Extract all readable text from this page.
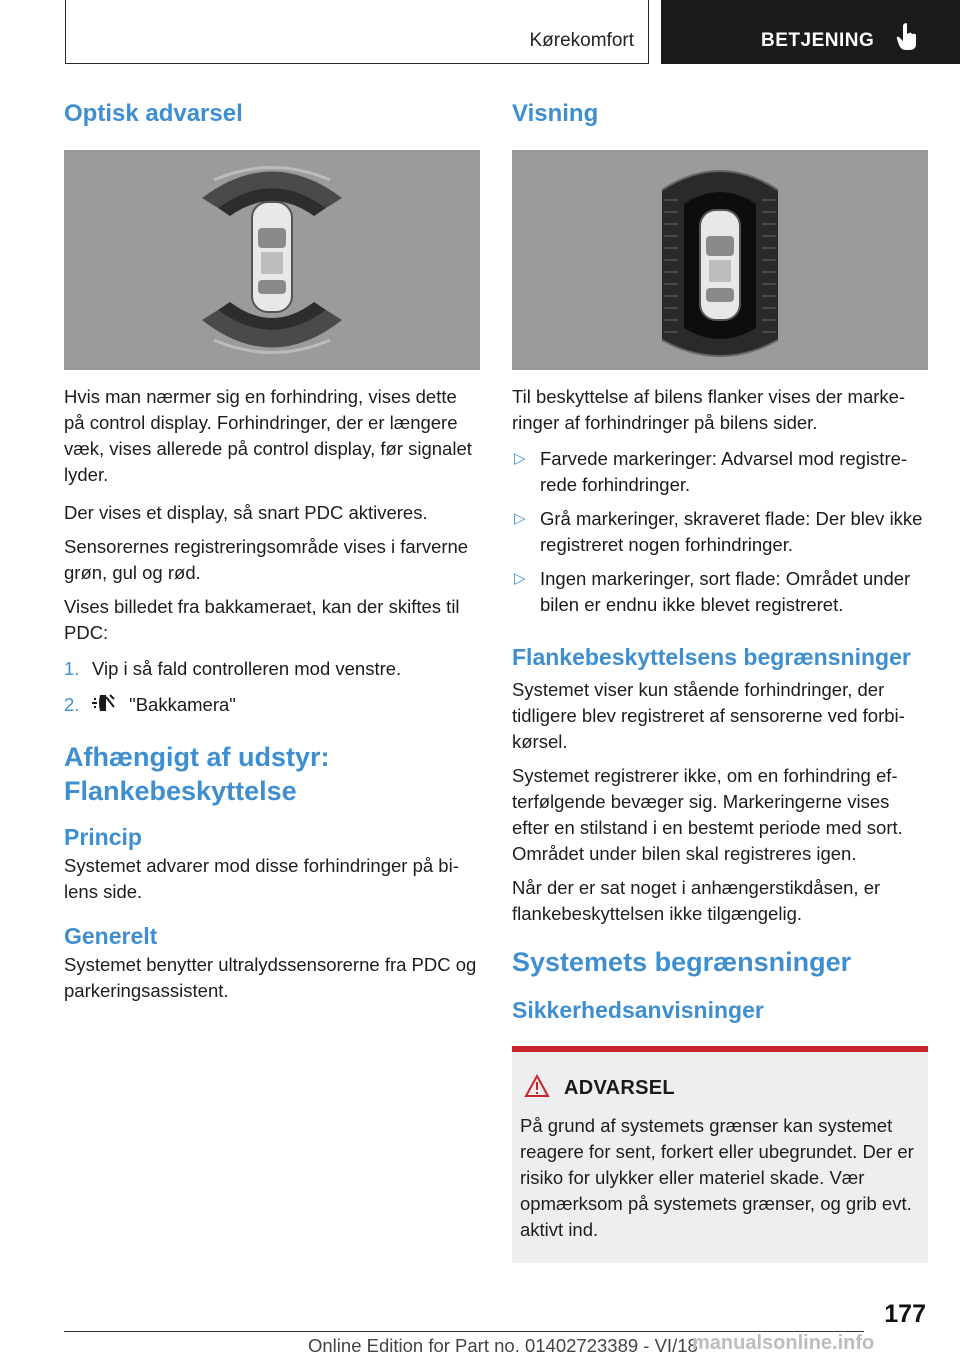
Kørekomfort	BETJENING
Optisk advarsel

Hvis man nærmer sig en forhindring, vises dette på control display. Forhindringer, der er længere væk, vises allerede på control display, før signalet lyder.

Der vises et display, så snart PDC aktiveres.

Sensorernes registreringsområde vises i farverne grøn, gul og rød.

Vises billedet fra bakkameraet, kan der skiftes til PDC:

1. Vip i så fald controlleren mod venstre.
2.	"Bakkamera"
Afhængigt af udstyr: Flankebeskyttelse
Princip

Systemet advarer mod disse forhindringer på bi‐lens side.

Generelt

Systemet benytter ultralydssensorerne fra PDC og parkeringsassistent.

Visning

Til beskyttelse af bilens flanker vises der marke‐ringer af forhindringer på bilens sider.

▷ Farvede markeringer: Advarsel mod registre‐rede forhindringer.
▷ Grå markeringer, skraveret flade: Der blev ikke registreret nogen forhindringer.
▷ Ingen markeringer, sort flade: Området under bilen er endnu ikke blevet registreret.
Flankebeskyttelsens begrænsninger

Systemet viser kun stående forhindringer, der tidligere blev registreret af sensorerne ved forbi‐kørsel.

Systemet registrerer ikke, om en forhindring ef‐terfølgende bevæger sig. Markeringerne vises efter en stilstand i en bestemt periode med sort. Området under bilen skal registreres igen.

Når der er sat noget i anhængerstikdåsen, er flankebeskyttelsen ikke tilgængelig.

Systemets begrænsninger
Sikkerhedsanvisninger
ADVARSEL

På grund af systemets grænser kan systemet reagere for sent, forkert eller ubegrundet. Der er risiko for ulykker eller materiel skade. Vær opmærksom på systemets grænser, og grib evt. aktivt ind.

177
Online Edition for Part no. 01402723389 - VI/18
manualsonline.info
